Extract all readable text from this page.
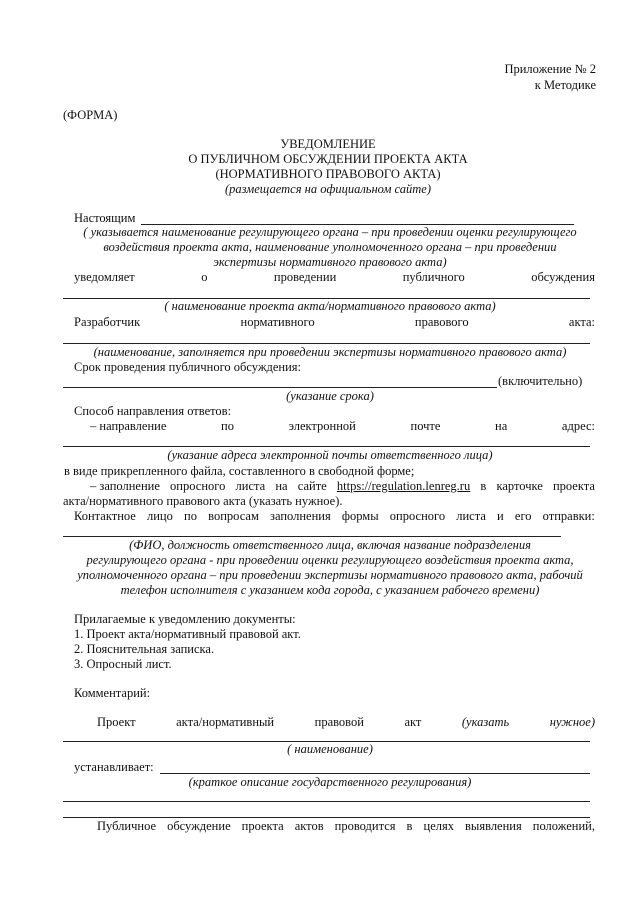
Приложение № 2
к Методике
(ФОРМА)
УВЕДОМЛЕНИЕ
О ПУБЛИЧНОМ ОБСУЖДЕНИИ ПРОЕКТА АКТА
(НОРМАТИВНОГО ПРАВОВОГО АКТА)
(размещается на официальном сайте)
Настоящим
( указывается наименование регулирующего органа – при проведении оценки регулирующего
воздействия проекта акта, наименование уполномоченного органа – при проведении
экспертизы нормативного правового акта)
уведомляет	о	проведении	публичного	обсуждения
( наименование проекта акта/нормативного правового акта)
Разработчик	нормативного	правового	акта:
(наименование, заполняется при проведении экспертизы нормативного правового акта)
Срок проведения публичного обсуждения:
(включительно)
(указание срока)
Способ направления ответов:
– направление	по	электронной	почте	на	адрес:
(указание адреса электронной почты ответственного лица)
в виде прикрепленного файла, составленного в свободной форме;
– заполнение опросного листа на сайте https://regulation.lenreg.ru в карточке проекта
акта/нормативного правового акта (указать нужное).
Контактное лицо по вопросам заполнения формы опросного листа и его отправки:
(ФИО, должность ответственного лица, включая название подразделения
регулирующего органа - при проведении оценки регулирующего воздействия проекта акта,
уполномоченного органа – при проведении экспертизы нормативного правового акта, рабочий
телефон исполнителя с указанием кода города, с указанием рабочего времени)
Прилагаемые к уведомлению документы:
1. Проект акта/нормативный правовой акт.
2. Пояснительная записка.
3. Опросный лист.
Комментарий:
Проект	акта/нормативный	правовой	акт	(указать	нужное)
( наименование)
устанавливает:
(краткое описание государственного регулирования)
Публичное обсуждение проекта актов проводится в целях выявления положений,
